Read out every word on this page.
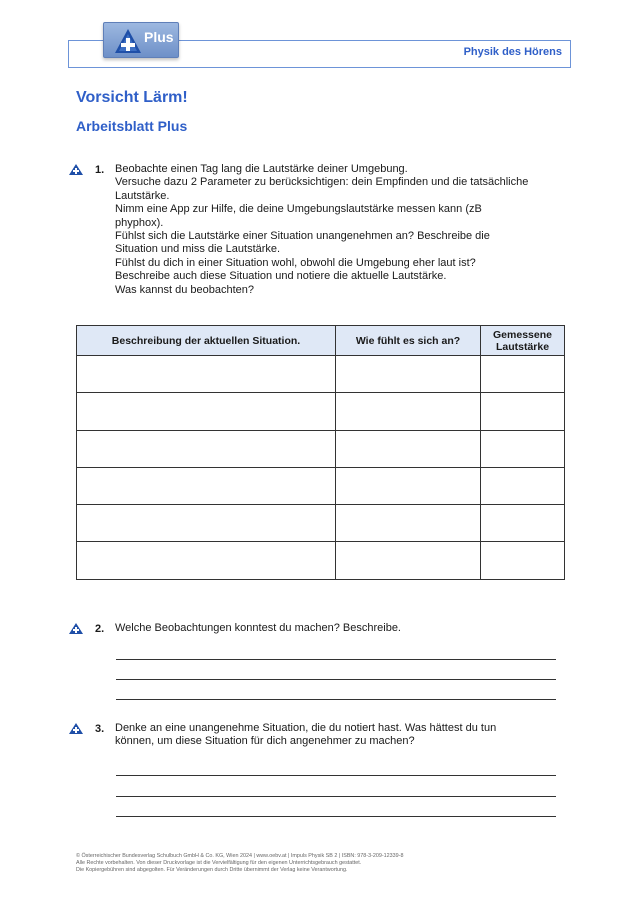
Physik des Hörens
Plus
Vorsicht Lärm!
Arbeitsblatt Plus
1. Beobachte einen Tag lang die Lautstärke deiner Umgebung.
Versuche dazu 2 Parameter zu berücksichtigen: dein Empfinden und die tatsächliche
Lautstärke.
Nimm eine App zur Hilfe, die deine Umgebungslautstärke messen kann (zB
phyphox).
Fühlst sich die Lautstärke einer Situation unangenehmen an? Beschreibe die
Situation und miss die Lautstärke.
Fühlst du dich in einer Situation wohl, obwohl die Umgebung eher laut ist?
Beschreibe auch diese Situation und notiere die aktuelle Lautstärke.
Was kannst du beobachten?
Beschreibung der aktuellen Situation.	Wie fühlt es sich an?	Gemessene Lautstärke

2. Welche Beobachtungen konntest du machen? Beschreibe.
3. Denke an eine unangenehme Situation, die du notiert hast. Was hättest du tun
können, um diese Situation für dich angenehmer zu machen?
© Österreichischer Bundesverlag Schulbuch GmbH & Co. KG, Wien 2024 | www.oebv.at | Impuls Physik SB 2 | ISBN: 978-3-209-12339-8
Alle Rechte vorbehalten. Von dieser Druckvorlage ist die Vervielfältigung für den eigenen Unterrichtsgebrauch gestattet.
Die Kopiergebühren sind abgegolten. Für Veränderungen durch Dritte übernimmt der Verlag keine Verantwortung.
